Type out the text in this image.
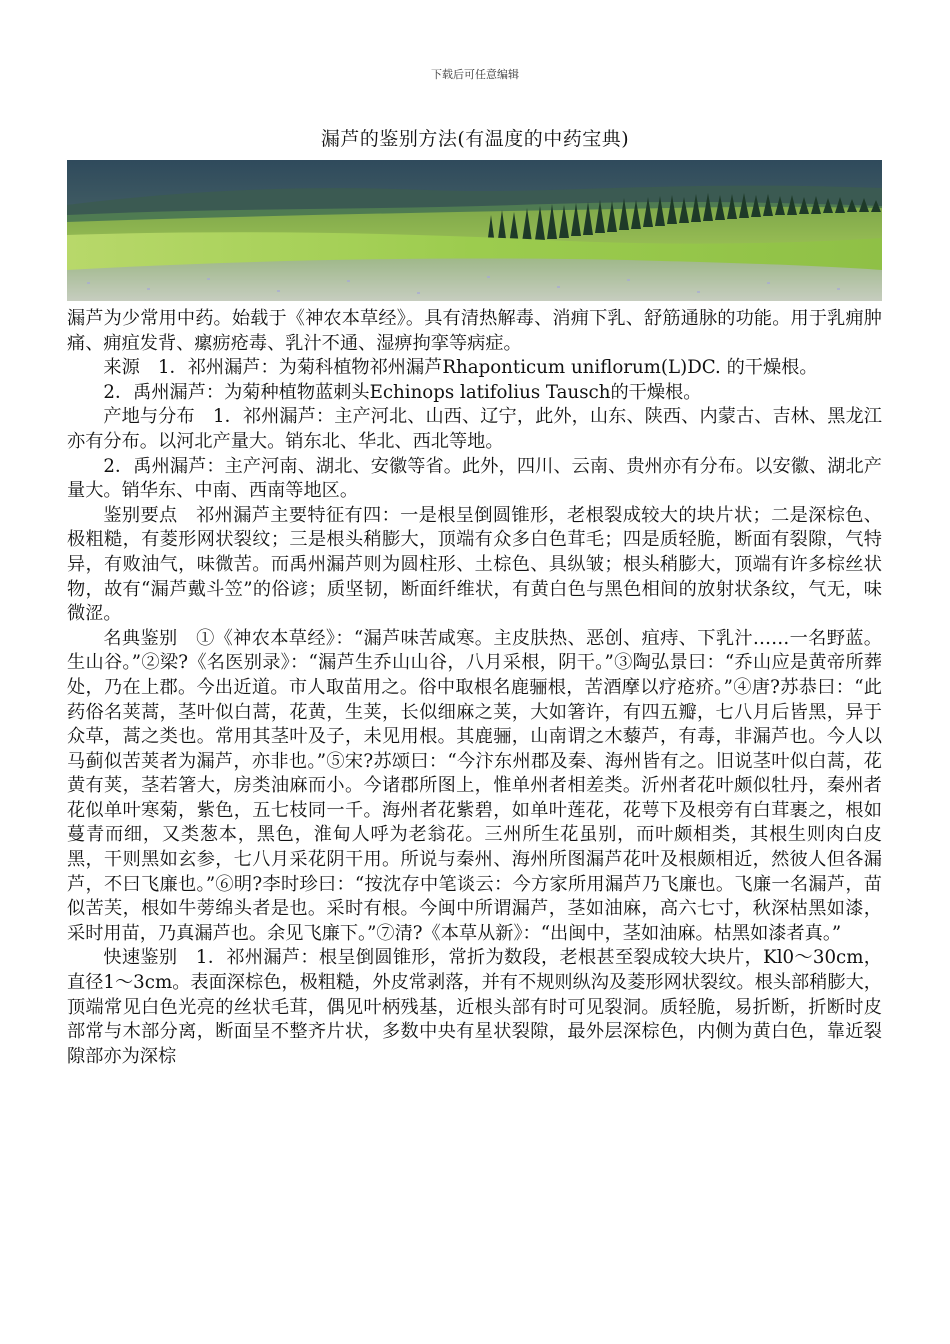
下载后可任意编辑
漏芦的鉴别方法(有温度的中药宝典)

漏芦为少常用中药。始载于《神农本草经》。具有清热解毒、消痈下乳、舒筋通脉的功能。用于乳痈肿痛、痈疽发背、瘰疬疮毒、乳汁不通、湿痹拘挛等病症。

来源　1．祁州漏芦：为菊科植物祁州漏芦Rhaponticum uniflorum(L)DC. 的干燥根。

2．禹州漏芦：为菊种植物蓝刺头Echinops latifolius Tausch的干燥根。

产地与分布　1．祁州漏芦：主产河北、山西、辽宁，此外，山东、陕西、内蒙古、吉林、黑龙江亦有分布。以河北产量大。销东北、华北、西北等地。

2．禹州漏芦：主产河南、湖北、安徽等省。此外，四川、云南、贵州亦有分布。以安徽、湖北产量大。销华东、中南、西南等地区。

鉴别要点　祁州漏芦主要特征有四：一是根呈倒圆锥形，老根裂成较大的块片状；二是深棕色、极粗糙，有菱形网状裂纹；三是根头稍膨大，顶端有众多白色茸毛；四是质轻脆，断面有裂隙，气特异，有败油气，味微苦。而禹州漏芦则为圆柱形、土棕色、具纵皱；根头稍膨大，顶端有许多棕丝状物，故有“漏芦戴斗笠”的俗谚；质坚韧，断面纤维状，有黄白色与黑色相间的放射状条纹，气无，味微涩。

名典鉴别　①《神农本草经》：“漏芦味苦咸寒。主皮肤热、恶创、疽痔、下乳汁……一名野蓝。生山谷。”②梁?《名医别录》：“漏芦生乔山山谷，八月采根，阴干。”③陶弘景曰：“乔山应是黄帝所葬处，乃在上郡。今出近道。市人取苗用之。俗中取根名鹿骊根，苦酒摩以疗疮疥。”④唐?苏恭曰：“此药俗名荚蒿，茎叶似白蒿，花黄，生荚，长似细麻之荚，大如箸许，有四五瓣，七八月后皆黑，异于众草，蒿之类也。常用其茎叶及子，未见用根。其鹿骊，山南谓之木藜芦，有毒，非漏芦也。今人以马蓟似苦荚者为漏芦，亦非也。”⑤宋?苏颂曰：“今汴东州郡及秦、海州皆有之。旧说茎叶似白蒿，花黄有荚，茎若箸大，房类油麻而小。今诸郡所图上，惟单州者相差类。沂州者花叶颇似牡丹，秦州者花似单叶寒菊，紫色，五七枝同一千。海州者花紫碧，如单叶莲花，花萼下及根旁有白茸裹之，根如蔓青而细，又类葱本，黑色，淮甸人呼为老翁花。三州所生花虽别，而叶颇相类，其根生则肉白皮黑，干则黑如玄参，七八月采花阴干用。所说与秦州、海州所图漏芦花叶及根颇相近，然彼人但各漏芦，不曰飞廉也。”⑥明?李时珍曰：“按沈存中笔谈云：今方家所用漏芦乃飞廉也。飞廉一名漏芦，苗似苦芙，根如牛蒡绵头者是也。采时有根。今闽中所谓漏芦，茎如油麻，高六七寸，秋深枯黑如漆，采时用苗，乃真漏芦也。余见飞廉下。”⑦清?《本草从新》：“出闽中，茎如油麻。枯黑如漆者真。”

快速鉴别　1．祁州漏芦：根呈倒圆锥形，常折为数段，老根甚至裂成较大块片，Kl0～30cm，直径1～3cm。表面深棕色，极粗糙，外皮常剥落，并有不规则纵沟及菱形网状裂纹。根头部稍膨大，顶端常见白色光亮的丝状毛茸，偶见叶柄残基，近根头部有时可见裂洞。质轻脆，易折断，折断时皮部常与木部分离，断面呈不整齐片状，多数中央有星状裂隙，最外层深棕色，内侧为黄白色，靠近裂隙部亦为深棕
